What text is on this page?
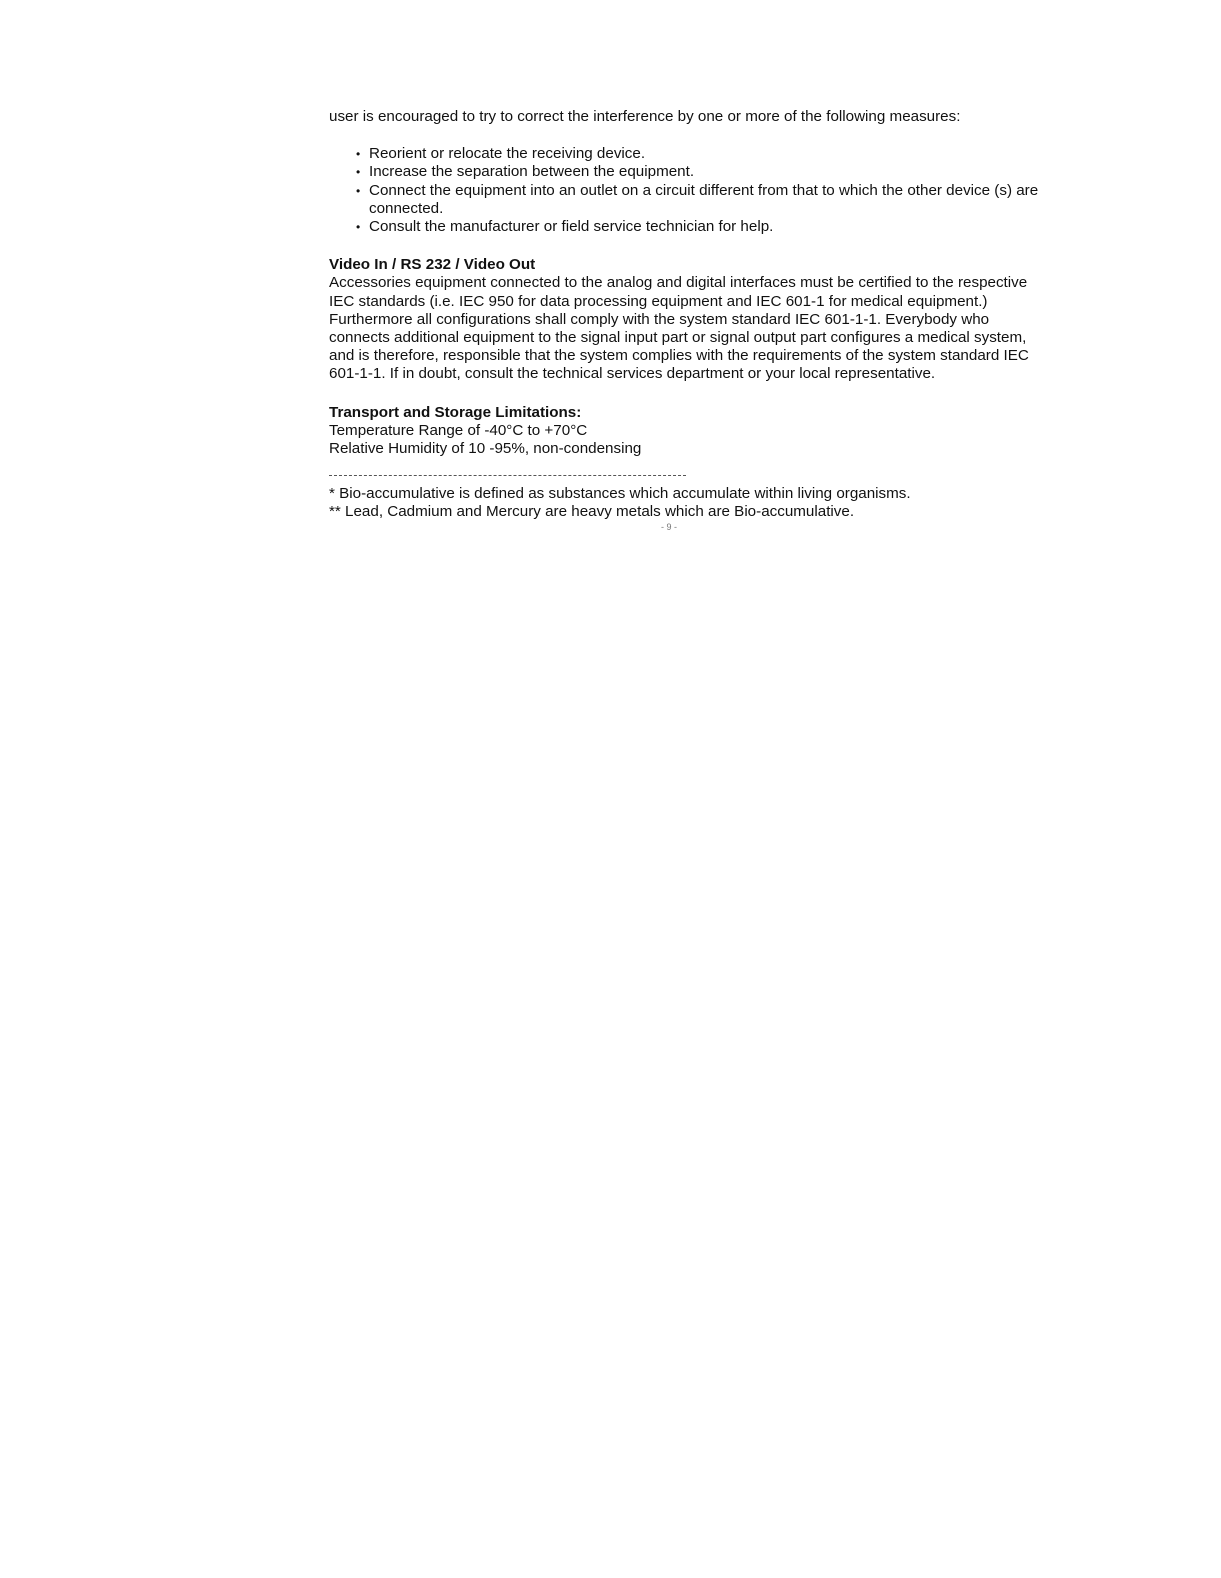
user is encouraged to try to correct the interference by one or more of the following measures:

• Reorient or relocate the receiving device.
• Increase the separation between the equipment.
• Connect the equipment into an outlet on a circuit different from that to which the other device (s) are connected.
• Consult the manufacturer or field service technician for help.

Video In / RS 232 / Video Out

Accessories equipment connected to the analog and digital interfaces must be certified to the respective IEC standards (i.e. IEC 950 for data processing equipment and IEC 601-1 for medical equipment.) Furthermore all configurations shall comply with the system standard IEC 601-1-1. Everybody who connects additional equipment to the signal input part or signal output part configures a medical system, and is therefore, responsible that the system complies with the requirements of the system standard IEC 601-1-1. If in doubt, consult the technical services department or your local representative.

Transport and Storage Limitations:

Temperature Range of -40°C to +70°C

Relative Humidity of 10 -95%, non-condensing

* Bio-accumulative is defined as substances which accumulate within living organisms.

** Lead, Cadmium and Mercury are heavy metals which are Bio-accumulative.

- 9 -
